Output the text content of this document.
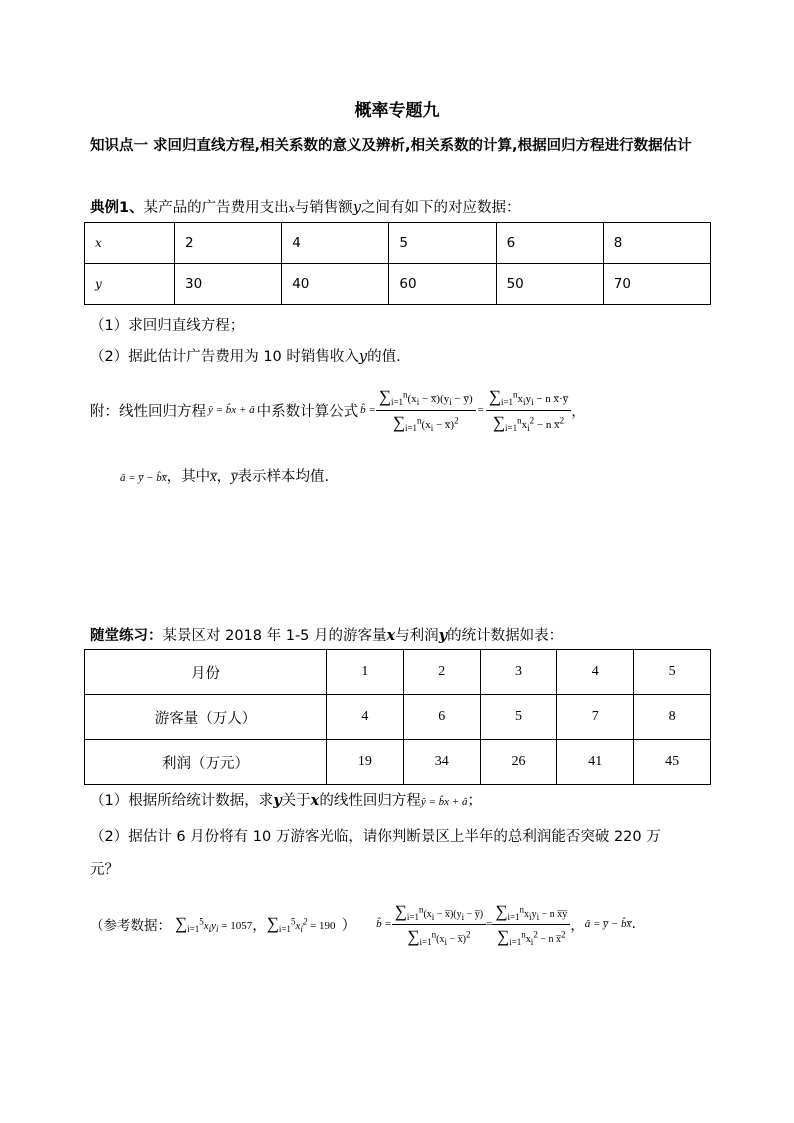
概率专题九
知识点一 求回归直线方程,相关系数的意义及辨析,相关系数的计算,根据回归方程进行数据估计
典例1、某产品的广告费用支出x与销售额y之间有如下的对应数据：
x	2	4	5	6	8
y	30	40	60	50	70
（1）求回归直线方程；
（2）据此估计广告费用为 10 时销售收入y的值.
附：线性回归方程 ŷ = b̂x + â 中系数计算公式 b̂ = $\frac{\sum_{i=1}^n(x_i - x̅)(y_i - y̅)}{\sum_{i=1}^n(x_i - x̅)^2} = \frac{\sum_{i=1}^nx_iy_i - n x̅\cdot y̅}{\sum_{i=1}^nx_i^2 - n x̅^2}$ ，
â = y̅ − b̂x̅，其中x̅，y̅表示样本均值.
随堂练习：某景区对 2018 年 1-5 月的游客量x与利润y的统计数据如表：
月份	1	2	3	4	5
游客量（万人）	4	6	5	7	8
利润（万元）	19	34	26	41	45
（1）根据所给统计数据，求y关于x的线性回归方程ŷ = b̂x + â；
（2）据估计 6 月份将有 10 万游客光临，请你判断景区上半年的总利润能否突破 220 万
元？
（参考数据： $\sum_{i=1}^5x_iy_i = 1057$ ， $\sum_{i=1}^5x_i^2 = 190$ ） b̂ = $\frac{\sum_{i=1}^n(x_i - x̅)(y_i - y̅)}{\sum_{i=1}^n(x_i - x̅)^2} = \frac{\sum_{i=1}^nx_iy_i - n x̅y̅}{\sum_{i=1}^nx_i^2 - n x̅^2}$ ， â = y̅ − b̂x̅ .
